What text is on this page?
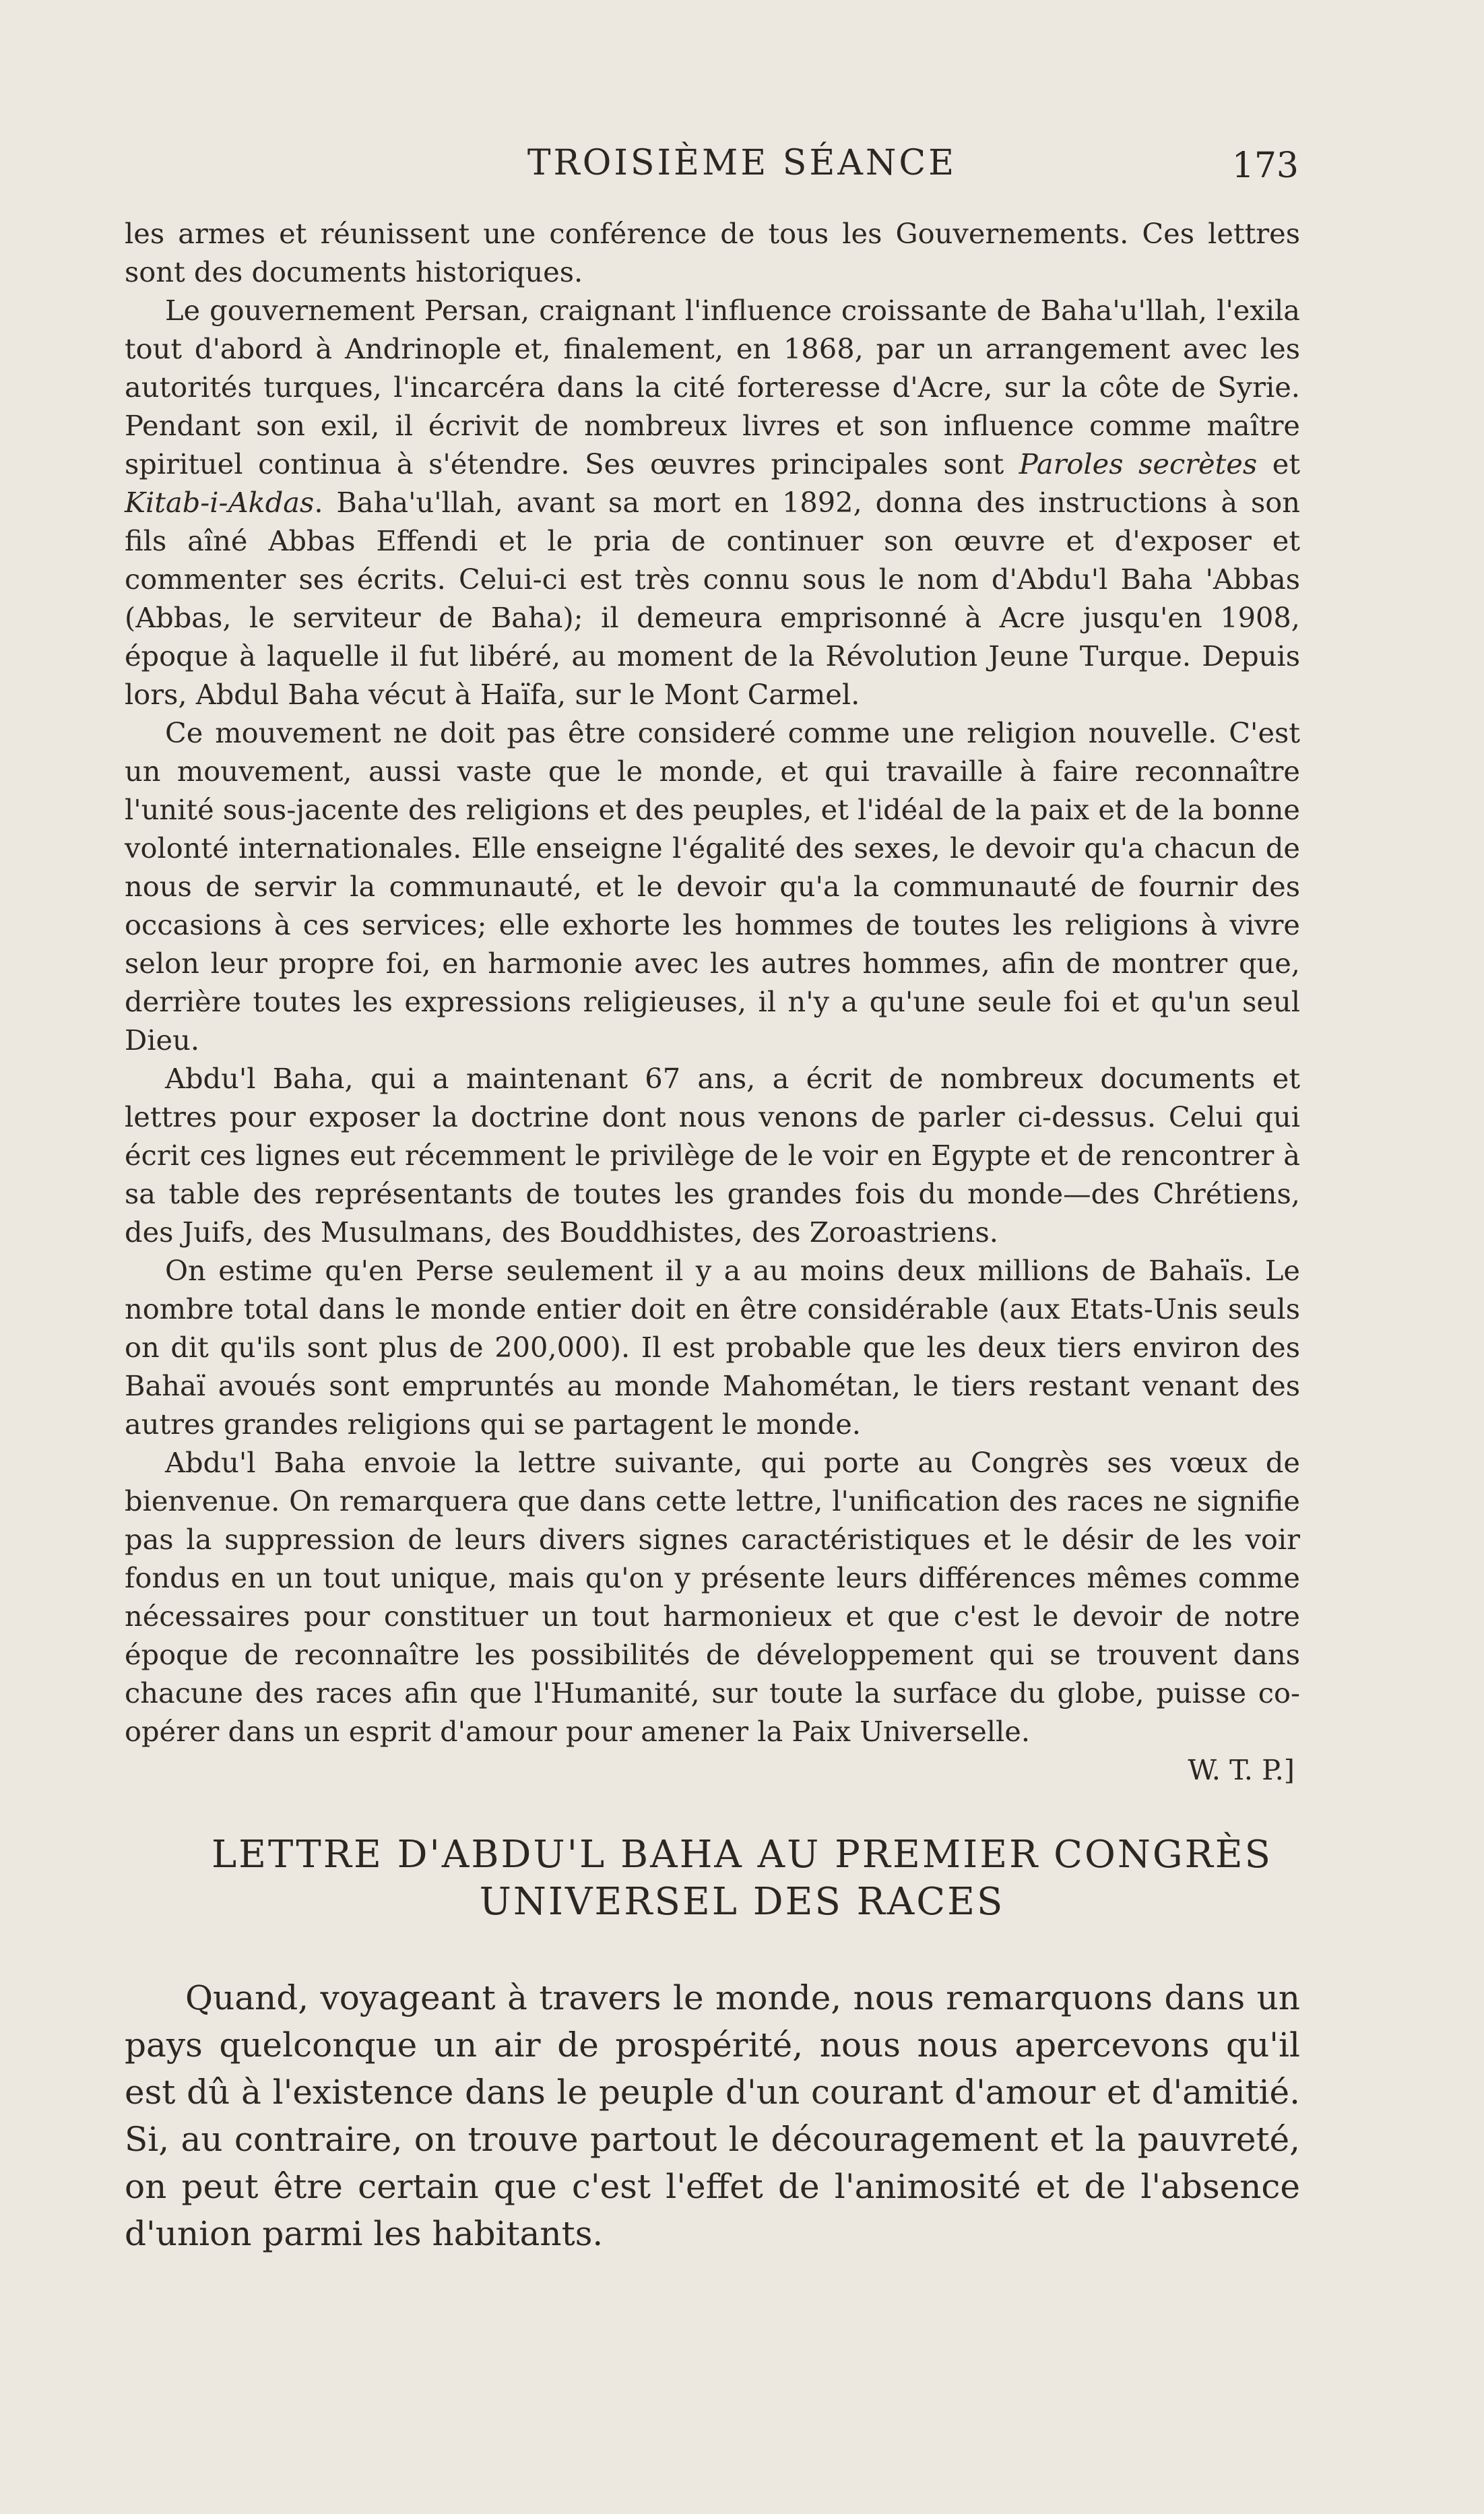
TROISIÈME SÉANCE	173

les armes et réunissent une conférence de tous les Gouvernements. Ces lettres sont des documents historiques.

Le gouvernement Persan, craignant l'influence croissante de Baha'u'llah, l'exila tout d'abord à Andrinople et, finalement, en 1868, par un arrangement avec les autorités turques, l'incarcéra dans la cité forteresse d'Acre, sur la côte de Syrie. Pendant son exil, il écrivit de nombreux livres et son influence comme maître spirituel continua à s'étendre. Ses œuvres principales sont Paroles secrètes et Kitab-i-Akdas. Baha'u'llah, avant sa mort en 1892, donna des instructions à son fils aîné Abbas Effendi et le pria de continuer son œuvre et d'exposer et commenter ses écrits. Celui-ci est très connu sous le nom d'Abdu'l Baha 'Abbas (Abbas, le serviteur de Baha); il demeura emprisonné à Acre jusqu'en 1908, époque à laquelle il fut libéré, au moment de la Révolution Jeune Turque. Depuis lors, Abdul Baha vécut à Haïfa, sur le Mont Carmel.

Ce mouvement ne doit pas être consideré comme une religion nouvelle. C'est un mouvement, aussi vaste que le monde, et qui travaille à faire reconnaître l'unité sous-jacente des religions et des peuples, et l'idéal de la paix et de la bonne volonté internationales. Elle enseigne l'égalité des sexes, le devoir qu'a chacun de nous de servir la communauté, et le devoir qu'a la communauté de fournir des occasions à ces services; elle exhorte les hommes de toutes les religions à vivre selon leur propre foi, en harmonie avec les autres hommes, afin de montrer que, derrière toutes les expressions religieuses, il n'y a qu'une seule foi et qu'un seul Dieu.

Abdu'l Baha, qui a maintenant 67 ans, a écrit de nombreux documents et lettres pour exposer la doctrine dont nous venons de parler ci-dessus. Celui qui écrit ces lignes eut récemment le privilège de le voir en Egypte et de rencontrer à sa table des représentants de toutes les grandes fois du monde—des Chrétiens, des Juifs, des Musulmans, des Bouddhistes, des Zoroastriens.

On estime qu'en Perse seulement il y a au moins deux millions de Bahaïs. Le nombre total dans le monde entier doit en être considérable (aux Etats-Unis seuls on dit qu'ils sont plus de 200,000). Il est probable que les deux tiers environ des Bahaï avoués sont empruntés au monde Mahométan, le tiers restant venant des autres grandes religions qui se partagent le monde.

Abdu'l Baha envoie la lettre suivante, qui porte au Congrès ses vœux de bienvenue. On remarquera que dans cette lettre, l'unification des races ne signifie pas la suppression de leurs divers signes caractéristiques et le désir de les voir fondus en un tout unique, mais qu'on y présente leurs différences mêmes comme nécessaires pour constituer un tout harmonieux et que c'est le devoir de notre époque de reconnaître les possibilités de développement qui se trouvent dans chacune des races afin que l'Humanité, sur toute la surface du globe, puisse co-opérer dans un esprit d'amour pour amener la Paix Universelle.

W. T. P.]

LETTRE D'ABDU'L BAHA AU PREMIER CONGRÈS
UNIVERSEL DES RACES

Quand, voyageant à travers le monde, nous remarquons dans un pays quelconque un air de prospérité, nous nous apercevons qu'il est dû à l'existence dans le peuple d'un courant d'amour et d'amitié. Si, au contraire, on trouve partout le découragement et la pauvreté, on peut être certain que c'est l'effet de l'animosité et de l'absence d'union parmi les habitants.
